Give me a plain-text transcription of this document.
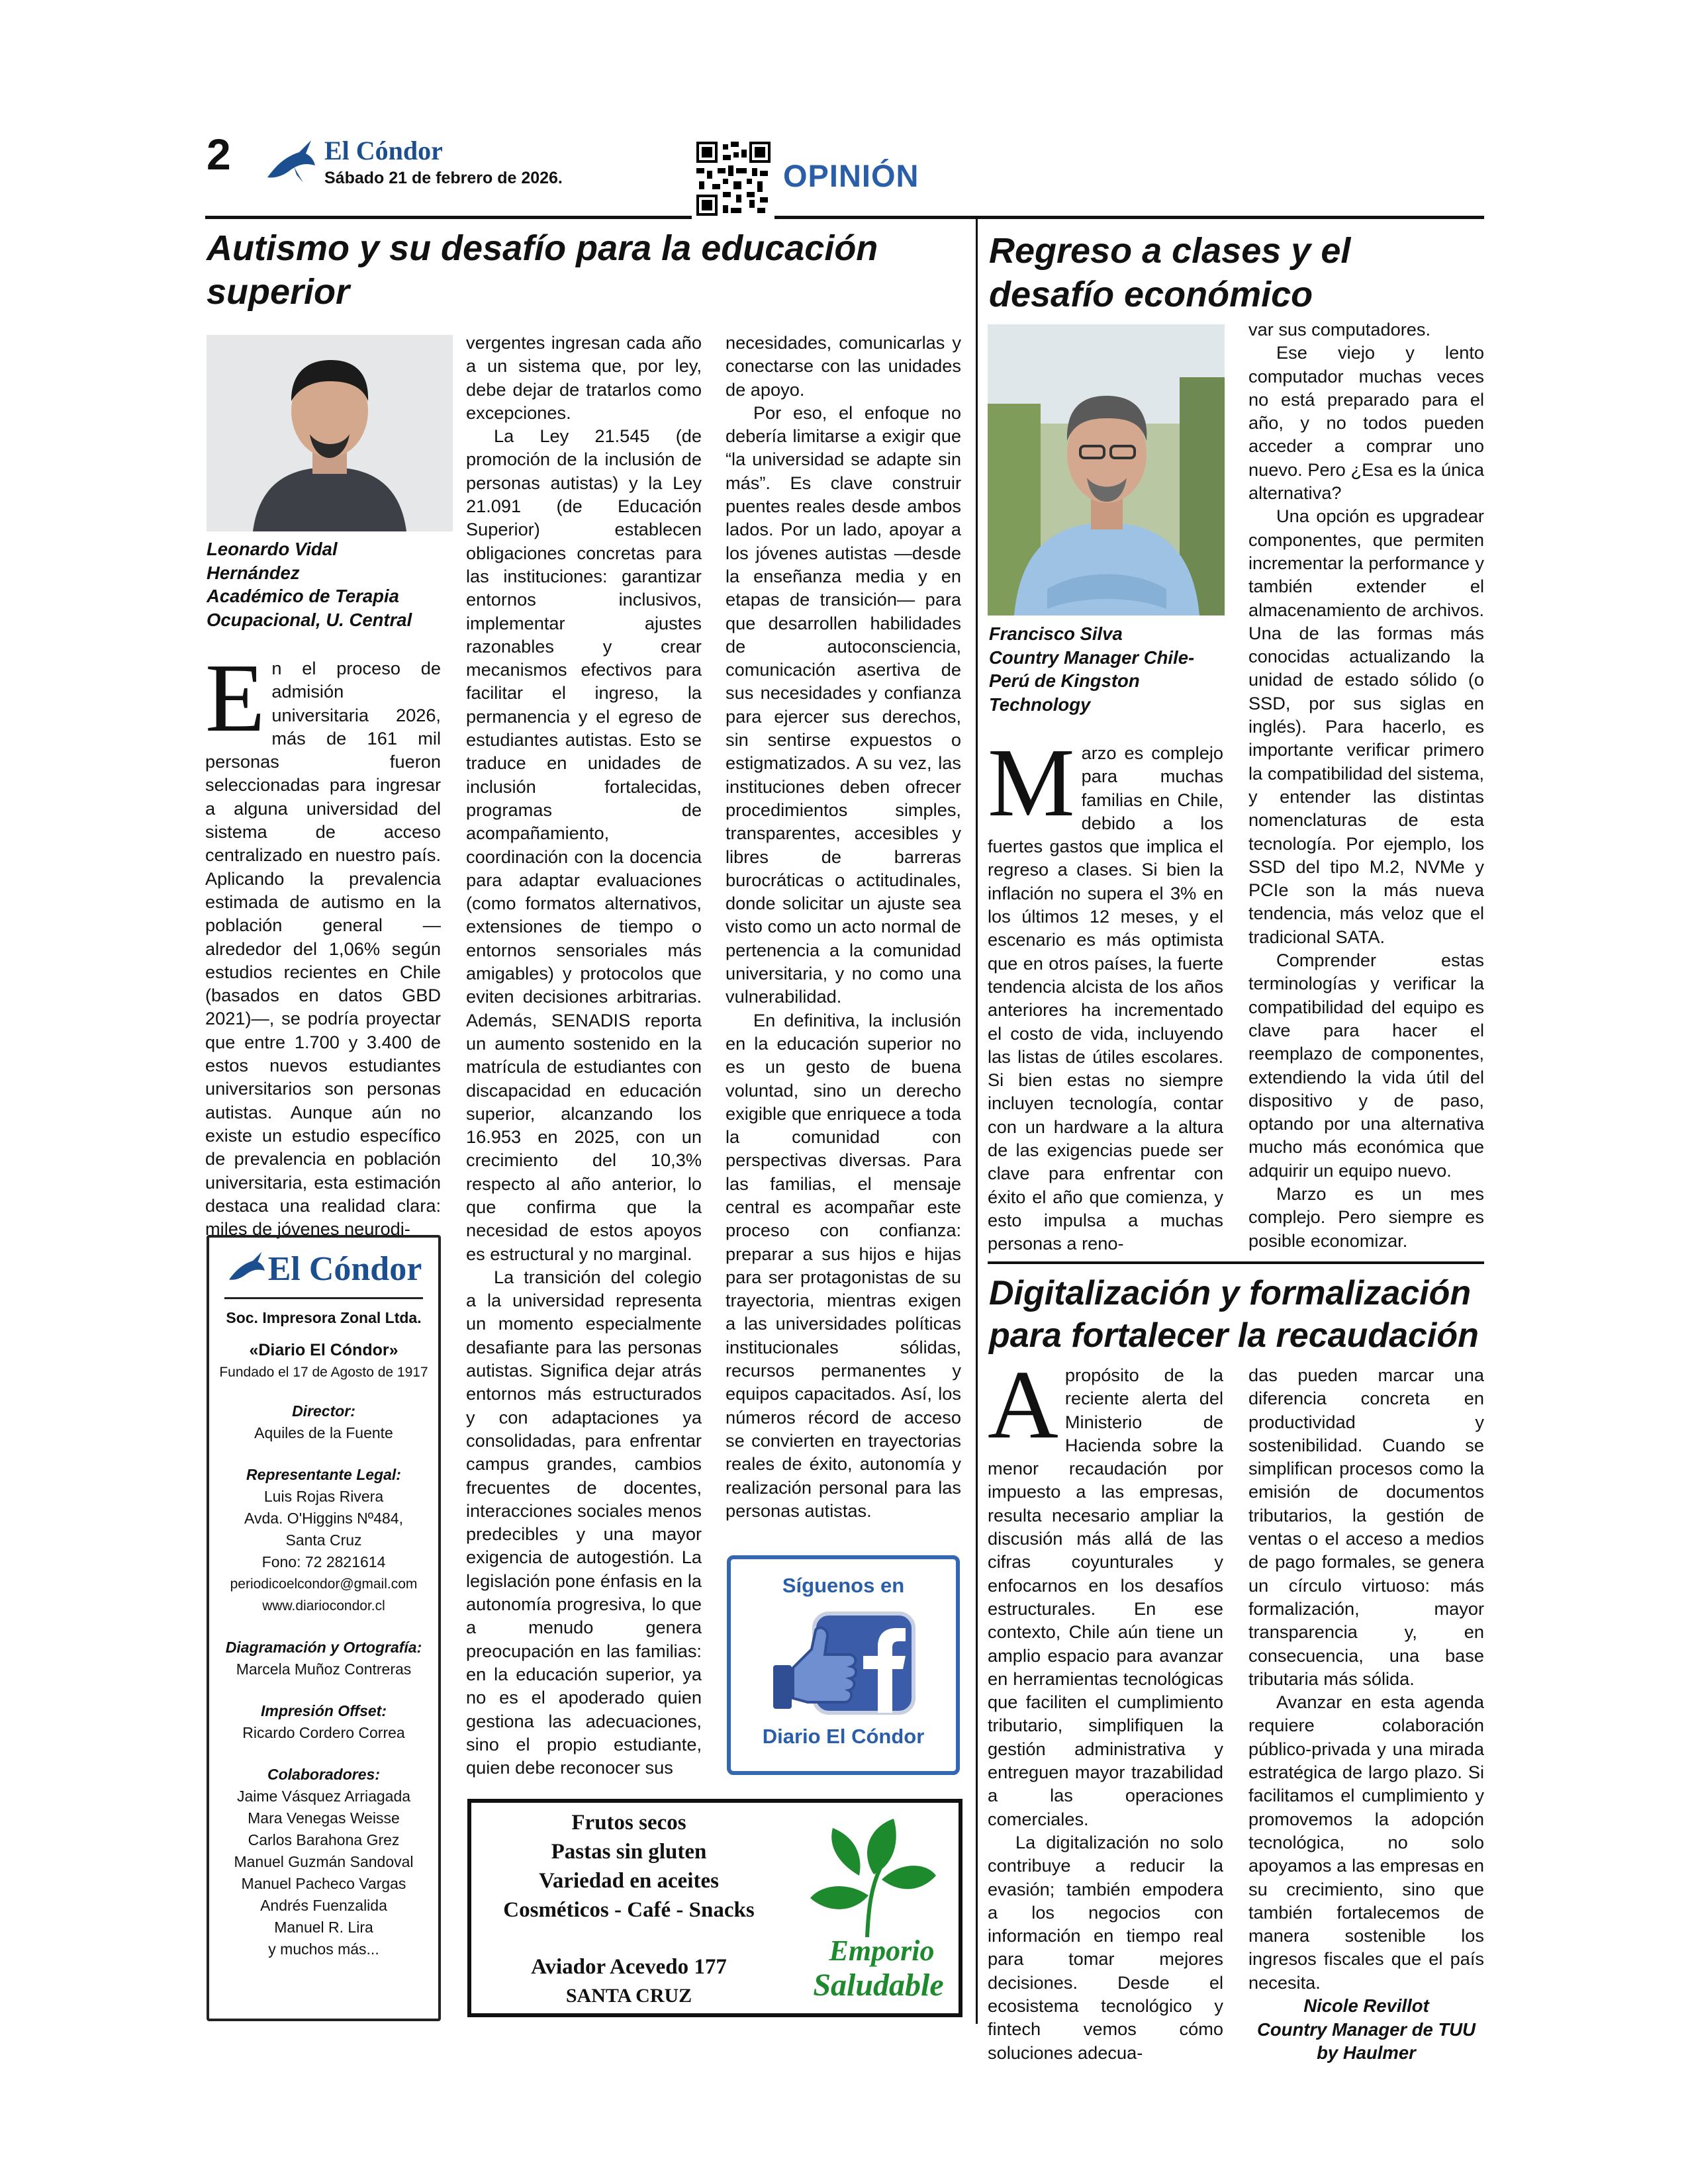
2	El Cóndor
Sábado 21 de febrero de 2026.	OPINIÓN
Autismo y su desafío para la educación superior
Leonardo Vidal Hernández
Académico de Terapia Ocupacional, U. Central

En el proceso de admisión universitaria 2026, más de 161 mil personas fueron seleccionadas para ingresar a alguna universidad del sistema de acceso centralizado en nuestro país. Aplicando la prevalencia estimada de autismo en la población general —alrededor del 1,06% según estudios recientes en Chile (basados en datos GBD 2021)—, se podría proyectar que entre 1.700 y 3.400 de estos nuevos estudiantes universitarios son personas autistas. Aunque aún no existe un estudio específico de prevalencia en población universitaria, esta estimación destaca una realidad clara: miles de jóvenes neurodi-

vergentes ingresan cada año a un sistema que, por ley, debe dejar de tratarlos como excepciones.

La Ley 21.545 (de promoción de la inclusión de personas autistas) y la Ley 21.091 (de Educación Superior) establecen obligaciones concretas para las instituciones: garantizar entornos inclusivos, implementar ajustes razonables y crear mecanismos efectivos para facilitar el ingreso, la permanencia y el egreso de estudiantes autistas. Esto se traduce en unidades de inclusión fortalecidas, programas de acompañamiento, coordinación con la docencia para adaptar evaluaciones (como formatos alternativos, extensiones de tiempo o entornos sensoriales más amigables) y protocolos que eviten decisiones arbitrarias. Además, SENADIS reporta un aumento sostenido en la matrícula de estudiantes con discapacidad en educación superior, alcanzando los 16.953 en 2025, con un crecimiento del 10,3% respecto al año anterior, lo que confirma que la necesidad de estos apoyos es estructural y no marginal.

La transición del colegio a la universidad representa un momento especialmente desafiante para las personas autistas. Significa dejar atrás entornos más estructurados y con adaptaciones ya consolidadas, para enfrentar campus grandes, cambios frecuentes de docentes, interacciones sociales menos predecibles y una mayor exigencia de autogestión. La legislación pone énfasis en la autonomía progresiva, lo que a menudo genera preocupación en las familias: en la educación superior, ya no es el apoderado quien gestiona las adecuaciones, sino el propio estudiante, quien debe reconocer sus

necesidades, comunicarlas y conectarse con las unidades de apoyo.

Por eso, el enfoque no debería limitarse a exigir que “la universidad se adapte sin más”. Es clave construir puentes reales desde ambos lados. Por un lado, apoyar a los jóvenes autistas —desde la enseñanza media y en etapas de transición— para que desarrollen habilidades de autoconsciencia, comunicación asertiva de sus necesidades y confianza para ejercer sus derechos, sin sentirse expuestos o estigmatizados. A su vez, las instituciones deben ofrecer procedimientos simples, transparentes, accesibles y libres de barreras burocráticas o actitudinales, donde solicitar un ajuste sea visto como un acto normal de pertenencia a la comunidad universitaria, y no como una vulnerabilidad.

En definitiva, la inclusión en la educación superior no es un gesto de buena voluntad, sino un derecho exigible que enriquece a toda la comunidad con perspectivas diversas. Para las familias, el mensaje central es acompañar este proceso con confianza: preparar a sus hijos e hijas para ser protagonistas de su trayectoria, mientras exigen a las universidades políticas institucionales sólidas, recursos permanentes y equipos capacitados. Así, los números récord de acceso se convierten en trayectorias reales de éxito, autonomía y realización personal para las personas autistas.

El Cóndor
Soc. Impresora Zonal Ltda.
«Diario El Cóndor»
Fundado el 17 de Agosto de 1917
Director:
Aquiles de la Fuente
Representante Legal:
Luis Rojas Rivera
Avda. O'Higgins Nº484,
Santa Cruz
Fono: 72 2821614
periodicoelcondor@gmail.com
www.diariocondor.cl
Diagramación y Ortografía:
Marcela Muñoz Contreras
Impresión Offset:
Ricardo Cordero Correa
Colaboradores:
Jaime Vásquez Arriagada
Mara Venegas Weisse
Carlos Barahona Grez
Manuel Guzmán Sandoval
Manuel Pacheco Vargas
Andrés Fuenzalida
Manuel R. Lira
y muchos más...
Síguenos en
Diario El Cóndor
Frutos secos
Pastas sin gluten
Variedad en aceites
Cosméticos - Café - Snacks
Aviador Acevedo 177
SANTA CRUZ
Emporio
Saludable
Regreso a clases y el desafío económico
Francisco Silva
Country Manager Chile-Perú de Kingston Technology

Marzo es complejo para muchas familias en Chile, debido a los fuertes gastos que implica el regreso a clases. Si bien la inflación no supera el 3% en los últimos 12 meses, y el escenario es más optimista que en otros países, la fuerte tendencia alcista de los años anteriores ha incrementado el costo de vida, incluyendo las listas de útiles escolares. Si bien estas no siempre incluyen tecnología, contar con un hardware a la altura de las exigencias puede ser clave para enfrentar con éxito el año que comienza, y esto impulsa a muchas personas a reno-

var sus computadores.

Ese viejo y lento computador muchas veces no está preparado para el año, y no todos pueden acceder a comprar uno nuevo. Pero ¿Esa es la única alternativa?

Una opción es upgradear componentes, que permiten incrementar la performance y también extender el almacenamiento de archivos. Una de las formas más conocidas actualizando la unidad de estado sólido (o SSD, por sus siglas en inglés). Para hacerlo, es importante verificar primero la compatibilidad del sistema, y entender las distintas nomenclaturas de esta tecnología. Por ejemplo, los SSD del tipo M.2, NVMe y PCIe son la más nueva tendencia, más veloz que el tradicional SATA.

Comprender estas terminologías y verificar la compatibilidad del equipo es clave para hacer el reemplazo de componentes, extendiendo la vida útil del dispositivo y de paso, optando por una alternativa mucho más económica que adquirir un equipo nuevo.

Marzo es un mes complejo. Pero siempre es posible economizar.

Digitalización y formalización para fortalecer la recaudación

Apropósito de la reciente alerta del Ministerio de Hacienda sobre la menor recaudación por impuesto a las empresas, resulta necesario ampliar la discusión más allá de las cifras coyunturales y enfocarnos en los desafíos estructurales. En ese contexto, Chile aún tiene un amplio espacio para avanzar en herramientas tecnológicas que faciliten el cumplimiento tributario, simplifiquen la gestión administrativa y entreguen mayor trazabilidad a las operaciones comerciales.

La digitalización no solo contribuye a reducir la evasión; también empodera a los negocios con información en tiempo real para tomar mejores decisiones. Desde el ecosistema tecnológico y fintech vemos cómo soluciones adecua-

das pueden marcar una diferencia concreta en productividad y sostenibilidad. Cuando se simplifican procesos como la emisión de documentos tributarios, la gestión de ventas o el acceso a medios de pago formales, se genera un círculo virtuoso: más formalización, mayor transparencia y, en consecuencia, una base tributaria más sólida.

Avanzar en esta agenda requiere colaboración público-privada y una mirada estratégica de largo plazo. Si facilitamos el cumplimiento y promovemos la adopción tecnológica, no solo apoyamos a las empresas en su crecimiento, sino que también fortalecemos de manera sostenible los ingresos fiscales que el país necesita.

Nicole Revillot
Country Manager de TUU by Haulmer
